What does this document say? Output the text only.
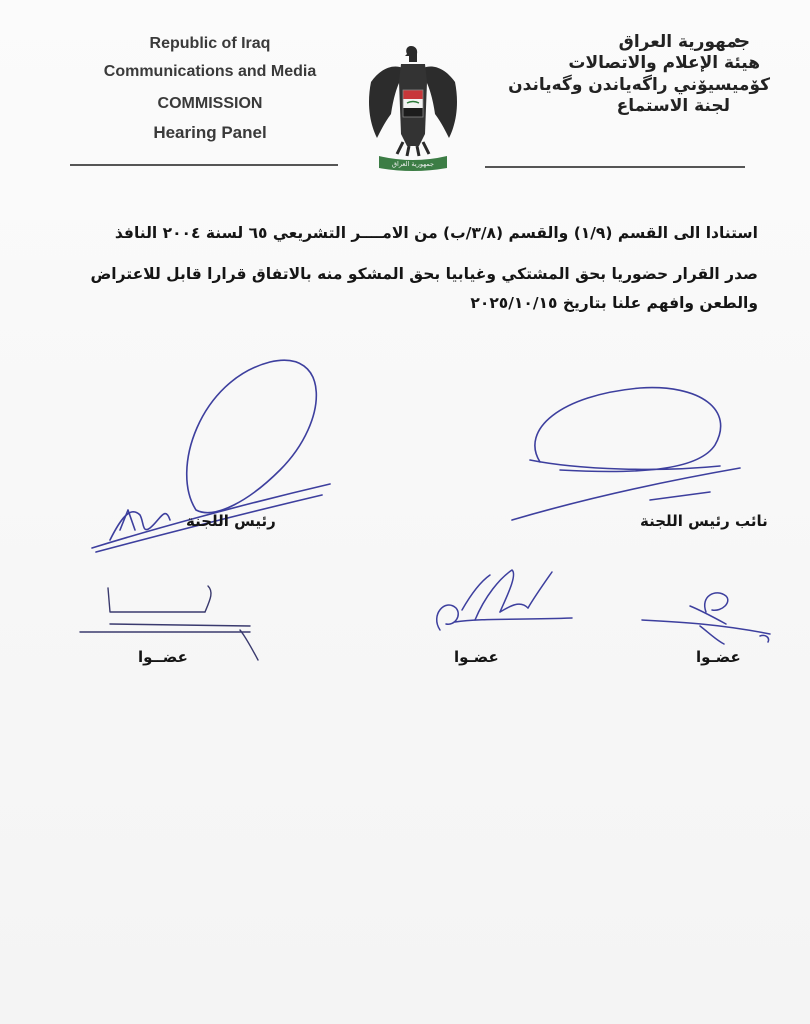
Republic of Iraq
Communications and Media
COMMISSION
Hearing Panel
جمهورية العراق
جمهورية العراق
هيئة الإعلام والاتصالات
كۆميسيۆني راگەیاندن وگەیاندن
لجنة الاستماع

استنادا الى القسم (١/٩) والقسم (٣/٨/ب) من الامــــر التشريعي ٦٥ لسنة ٢٠٠٤ النافذ

صدر القرار حضوريا بحق المشتكي وغيابيا بحق المشكو منه بالاتفاق قرارا قابل للاعتراض والطعن وافهم علنا بتاريخ ٢٠٢٥/١٠/١٥

رئيس اللجنة	نائب رئيس اللجنة
عضــوا	عضـوا	عضـوا
